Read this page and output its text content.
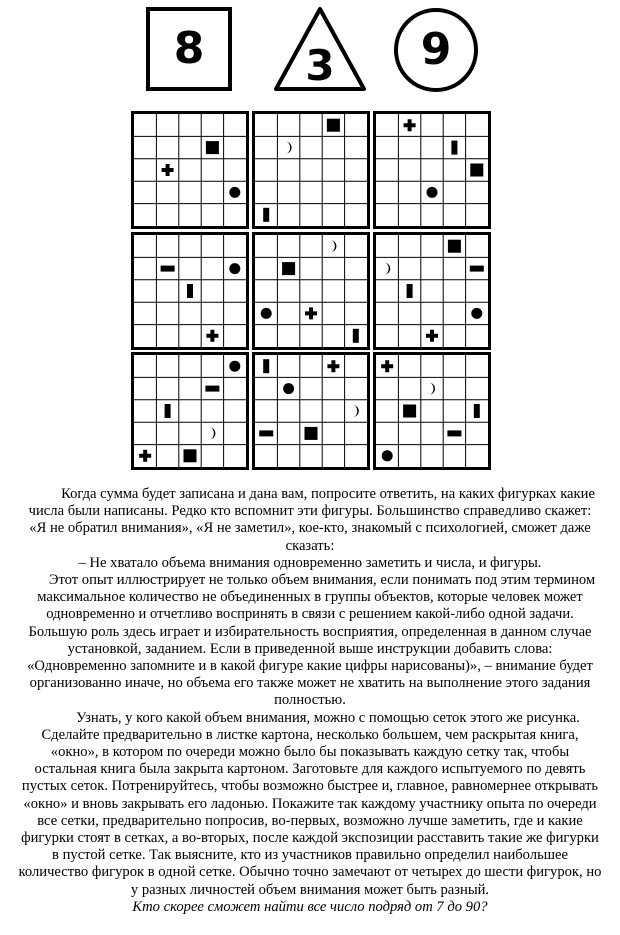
8	3	9

Когда сумма будет записана и дана вам, попросите ответить, на каких фигурках какие

числа были написаны. Редко кто вспомнит эти фигуры. Большинство справедливо скажет:

«Я не обратил внимания», «Я не заметил», коe-кто, знакомый с психологией, сможет даже

сказать:

– Не хватало объема внимания одновременно заметить и числа, и фигуры.

Этот опыт иллюстрирует не только объем внимания, если понимать под этим термином

максимальное количество не объединенных в группы объектов, которые человек может

одновременно и отчетливо воспринять в связи с решением какой-либо одной задачи.

Большую роль здесь играет и избирательность восприятия, определенная в данном случае

установкой, заданием. Если в приведенной выше инструкции добавить слова:

«Одновременно запомните и в какой фигуре какие цифры нарисованы)», – внимание будет

организованно иначе, но объема его также может не хватить на выполнение этого задания

полностью.

Узнать, у кого какой объем внимания, можно с помощью сеток этого же рисунка.

Сделайте предварительно в листке картона, несколько большем, чем раскрытая книга,

«окно», в котором по очереди можно было бы показывать каждую сетку так, чтобы

остальная книга была закрыта картоном. Заготовьте для каждого испытуемого по девять

пустых сеток. Потренируйтесь, чтобы возможно быстрее и, главное, равномернее открывать

«окно» и вновь закрывать его ладонью. Покажите так каждому участнику опыта по очереди

все сетки, предварительно попросив, во-первых, возможно лучше заметить, где и какие

фигурки стоят в сетках, а во-вторых, после каждой экспозиции расставить такие же фигурки

в пустой сетке. Так выясните, кто из участников правильно определил наибольшее

количество фигурок в одной сетке. Обычно точно замечают от четырех до шести фигурок, но

у разных личностей объем внимания может быть разный.

Кто скорее сможет найти все число подряд от 7 до 90?
